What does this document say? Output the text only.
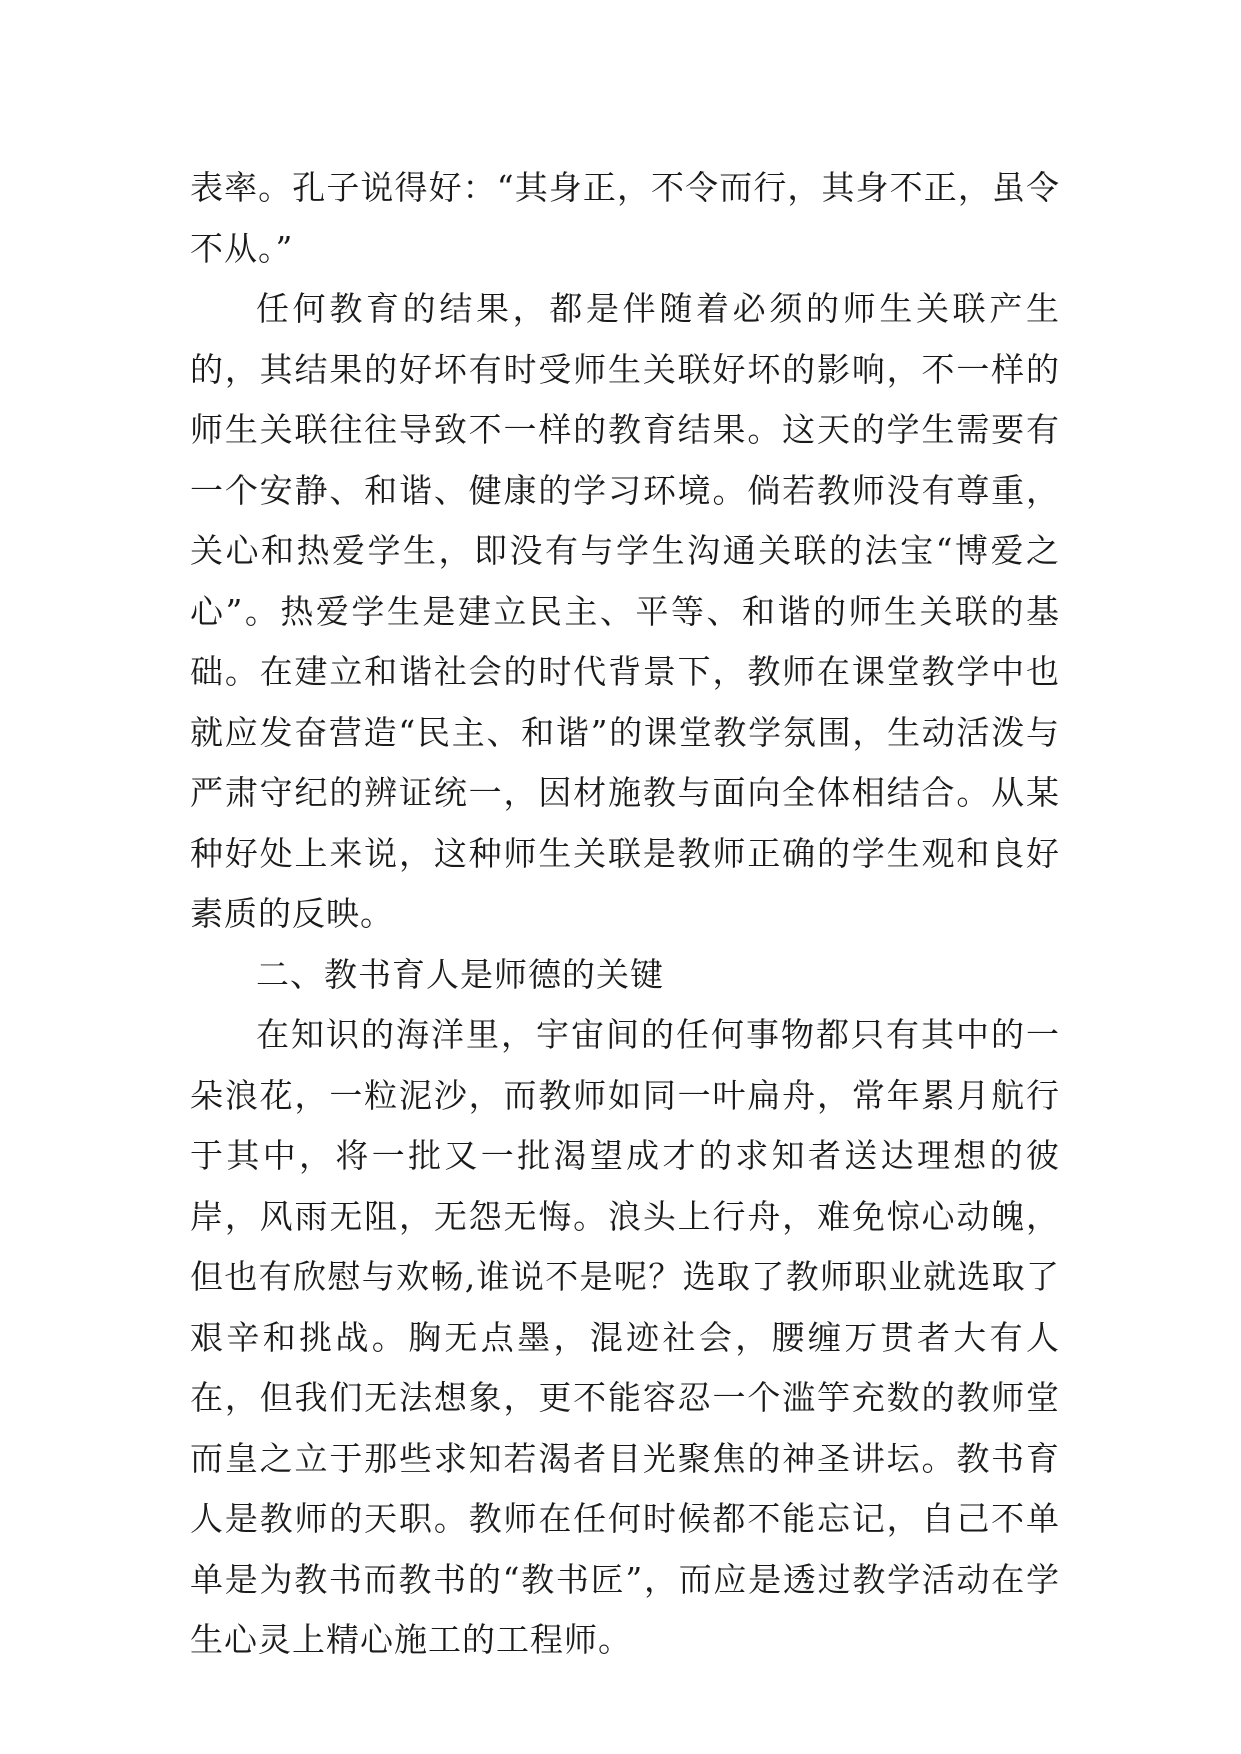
表率。孔子说得好：“其身正，不令而行，其身不正，虽令不从。”

任何教育的结果，都是伴随着必须的师生关联产生的，其结果的好坏有时受师生关联好坏的影响，不一样的师生关联往往导致不一样的教育结果。这天的学生需要有一个安静、和谐、健康的学习环境。倘若教师没有尊重，关心和热爱学生，即没有与学生沟通关联的法宝“博爱之心”。热爱学生是建立民主、平等、和谐的师生关联的基础。在建立和谐社会的时代背景下，教师在课堂教学中也就应发奋营造“民主、和谐”的课堂教学氛围，生动活泼与严肃守纪的辨证统一，因材施教与面向全体相结合。从某种好处上来说，这种师生关联是教师正确的学生观和良好素质的反映。

二、教书育人是师德的关键

在知识的海洋里，宇宙间的任何事物都只有其中的一朵浪花，一粒泥沙，而教师如同一叶扁舟，常年累月航行于其中，将一批又一批渴望成才的求知者送达理想的彼岸，风雨无阻，无怨无悔。浪头上行舟，难免惊心动魄，但也有欣慰与欢畅,谁说不是呢？选取了教师职业就选取了艰辛和挑战。胸无点墨，混迹社会，腰缠万贯者大有人在，但我们无法想象，更不能容忍一个滥竽充数的教师堂而皇之立于那些求知若渴者目光聚焦的神圣讲坛。教书育人是教师的天职。教师在任何时候都不能忘记，自己不单单是为教书而教书的“教书匠”，而应是透过教学活动在学生心灵上精心施工的工程师。
